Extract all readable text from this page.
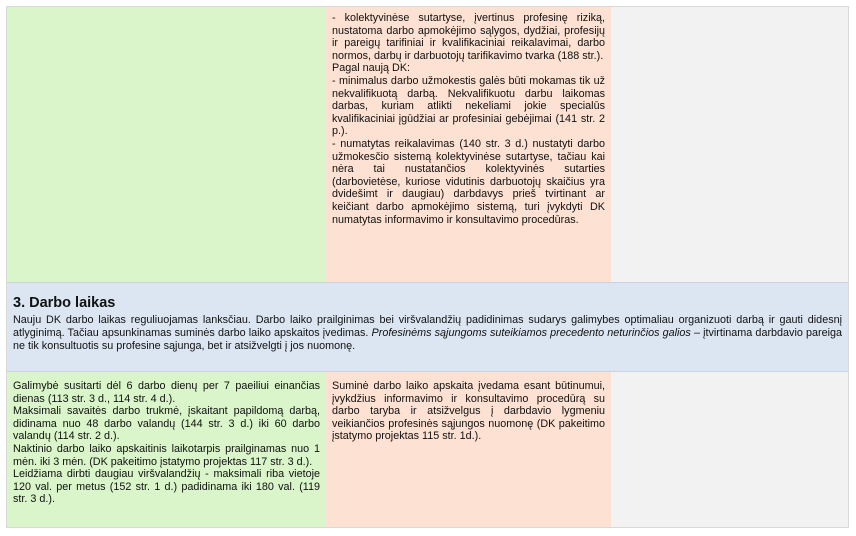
- kolektyvinėse sutartyse, įvertinus profesinę riziką, nustatoma darbo apmokėjimo sąlygos, dydžiai, profesijų ir pareigų tarifiniai ir kvalifikaciniai reikalavimai, darbo normos, darbų ir darbuotojų tarifikavimo tvarka (188 str.).

Pagal naują DK:

- minimalus darbo užmokestis galės būti mokamas tik už nekvalifikuotą darbą. Nekvalifikuotu darbu laikomas darbas, kuriam atlikti nekeliami jokie specialūs kvalifikaciniai įgūdžiai ar profesiniai gebėjimai (141 str. 2 p.).

- numatytas reikalavimas (140 str. 3 d.) nustatyti darbo užmokesčio sistemą kolektyvinėse sutartyse, tačiau kai nėra tai nustatančios kolektyvinės sutarties (darbovietėse, kuriose vidutinis darbuotojų skaičius yra dvidešimt ir daugiau) darbdavys prieš tvirtinant ar keičiant darbo apmokėjimo sistemą, turi įvykdyti DK numatytas informavimo ir konsultavimo procedūras.

3. Darbo laikas

Nauju DK darbo laikas reguliuojamas lanksčiau. Darbo laiko prailginimas bei viršvalandžių padidinimas sudarys galimybes optimaliau organizuoti darbą ir gauti didesnį atlyginimą. Tačiau apsunkinamas suminės darbo laiko apskaitos įvedimas. Profesinėms sąjungoms suteikiamos precedento neturinčios galios – įtvirtinama darbdavio pareiga ne tik konsultuotis su profesine sąjunga, bet ir atsižvelgti į jos nuomonę.

Galimybė susitarti dėl 6 darbo dienų per 7 paeiliui einančias dienas (113 str. 3 d., 114 str. 4 d.).

Maksimali savaitės darbo trukmė, įskaitant papildomą darbą, didinama nuo 48 darbo valandų (144 str. 3 d.) iki 60 darbo valandų (114 str. 2 d.).

Naktinio darbo laiko apskaitinis laikotarpis prailginamas nuo 1 mėn. iki 3 mėn. (DK pakeitimo įstatymo projektas 117 str. 3 d.).

Leidžiama dirbti daugiau viršvalandžių - maksimali riba vietoje 120 val. per metus (152 str. 1 d.) padidinama iki 180 val. (119 str. 3 d.).

Suminė darbo laiko apskaita įvedama esant būtinumui, įvykdžius informavimo ir konsultavimo procedūrą su darbo taryba ir atsižvelgus į darbdavio lygmeniu veikiančios profesinės sąjungos nuomonę (DK pakeitimo įstatymo projektas 115 str. 1d.).
